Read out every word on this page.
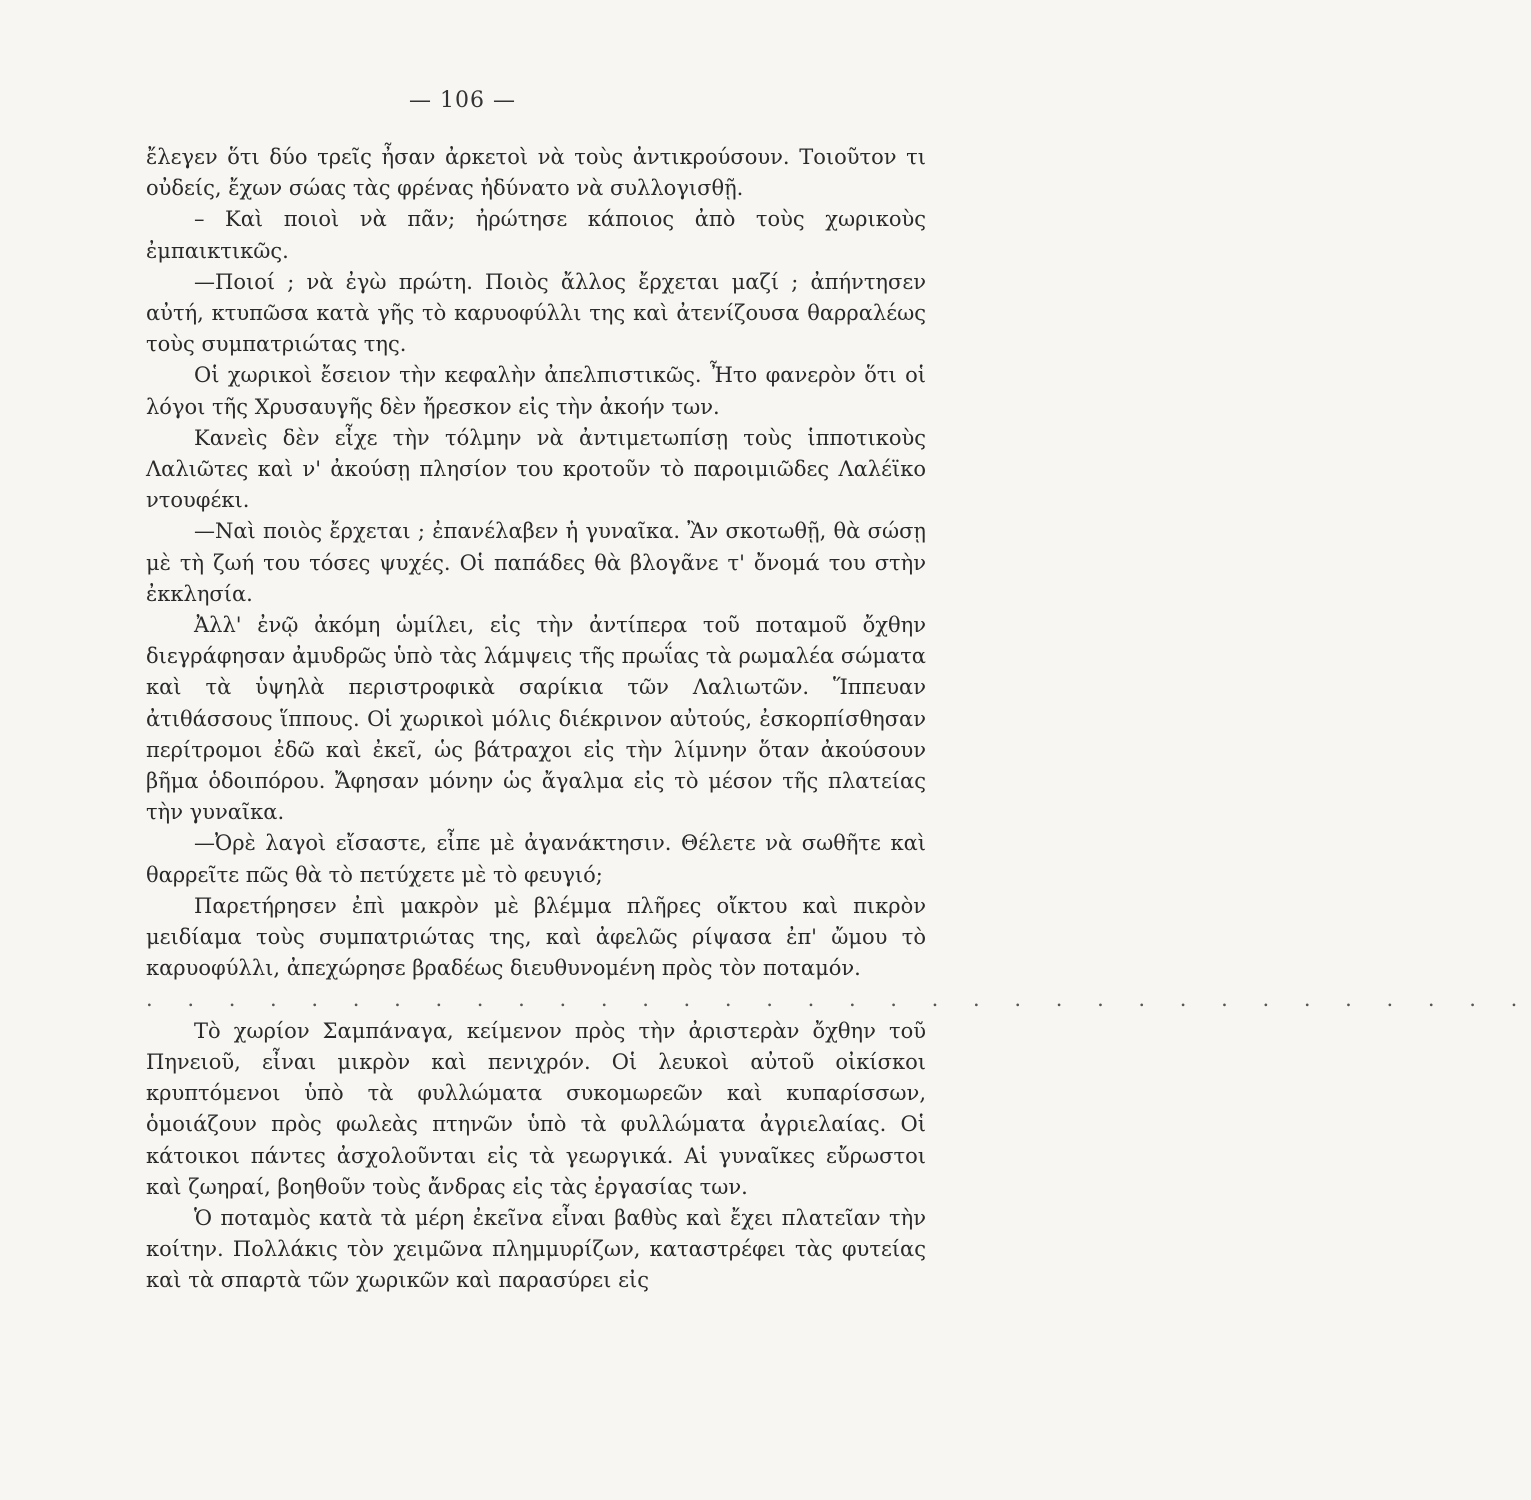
— 106 —

ἔλεγεν ὅτι δύο τρεῖς ἦσαν ἀρκετοὶ νὰ τοὺς ἀντικρούσουν. Τοιοῦτον τι οὐδείς, ἔχων σώας τὰς φρένας ἠδύνατο νὰ συλλογισθῇ.

– Καὶ ποιοὶ νὰ πᾶν; ἠρώτησε κάποιος ἀπὸ τοὺς χωρικοὺς ἐμπαικτικῶς.

—Ποιοί ; νὰ ἐγὼ πρώτη. Ποιὸς ἄλλος ἔρχεται μαζί ; ἀπήντησεν αὐτή, κτυπῶσα κατὰ γῆς τὸ καρυοφύλλι της καὶ ἀτενίζουσα θαρραλέως τοὺς συμπατριώτας της.

Οἱ χωρικοὶ ἔσειον τὴν κεφαλὴν ἀπελπιστικῶς. Ἦτο φανερὸν ὅτι οἱ λόγοι τῆς Χρυσαυγῆς δὲν ἤρεσκον εἰς τὴν ἀκοήν των.

Κανεὶς δὲν εἶχε τὴν τόλμην νὰ ἀντιμετωπίσῃ τοὺς ἱπποτικοὺς Λαλιῶτες καὶ ν' ἀκούσῃ πλησίον του κροτοῦν τὸ παροιμιῶδες Λαλέϊκο ντουφέκι.

—Ναὶ ποιὸς ἔρχεται ; ἐπανέλαβεν ἡ γυναῖκα. Ἂν σκοτωθῇ, θὰ σώσῃ μὲ τὴ ζωή του τόσες ψυχές. Οἱ παπάδες θὰ βλογᾶνε τ' ὄνομά του στὴν ἐκκλησία.

Ἀλλ' ἐνῷ ἀκόμη ὡμίλει, εἰς τὴν ἀντίπερα τοῦ ποταμοῦ ὄχθην διεγράφησαν ἀμυδρῶς ὑπὸ τὰς λάμψεις τῆς πρωΐας τὰ ρωμαλέα σώματα καὶ τὰ ὑψηλὰ περιστροφικὰ σαρίκια τῶν Λαλιωτῶν. Ἵππευαν ἀτιθάσσους ἵππους. Οἱ χωρικοὶ μόλις διέκρινον αὐτούς, ἐσκορπίσθησαν περίτρομοι ἐδῶ καὶ ἐκεῖ, ὡς βάτραχοι εἰς τὴν λίμνην ὅταν ἀκούσουν βῆμα ὁδοιπόρου. Ἄφησαν μόνην ὡς ἄγαλμα εἰς τὸ μέσον τῆς πλατείας τὴν γυναῖκα.

—Ὀρὲ λαγοὶ εἴσαστε, εἶπε μὲ ἀγανάκτησιν. Θέλετε νὰ σωθῆτε καὶ θαρρεῖτε πῶς θὰ τὸ πετύχετε μὲ τὸ φευγιό;

Παρετήρησεν ἐπὶ μακρὸν μὲ βλέμμα πλῆρες οἴκτου καὶ πικρὸν μειδίαμα τοὺς συμπατριώτας της, καὶ ἀφελῶς ρίψασα ἐπ' ὤμου τὸ καρυοφύλλι, ἀπεχώρησε βραδέως διευθυνομένη πρὸς τὸν ποταμόν.

. . . . . . . . . . . . . . . . . . . . . . . . . . . . . . . . . .

Τὸ χωρίον Σαμπάναγα, κείμενον πρὸς τὴν ἀριστερὰν ὄχθην τοῦ Πηνειοῦ, εἶναι μικρὸν καὶ πενιχρόν. Οἱ λευκοὶ αὐτοῦ οἰκίσκοι κρυπτόμενοι ὑπὸ τὰ φυλλώματα συκομωρεῶν καὶ κυπαρίσσων, ὁμοιάζουν πρὸς φωλεὰς πτηνῶν ὑπὸ τὰ φυλλώματα ἀγριελαίας. Οἱ κάτοικοι πάντες ἀσχολοῦνται εἰς τὰ γεωργικά. Αἱ γυναῖκες εὔρωστοι καὶ ζωηραί, βοηθοῦν τοὺς ἄνδρας εἰς τὰς ἐργασίας των.

Ὁ ποταμὸς κατὰ τὰ μέρη ἐκεῖνα εἶναι βαθὺς καὶ ἔχει πλατεῖαν τὴν κοίτην. Πολλάκις τὸν χειμῶνα πλημμυρίζων, καταστρέφει τὰς φυτείας καὶ τὰ σπαρτὰ τῶν χωρικῶν καὶ παρασύρει εἰς
